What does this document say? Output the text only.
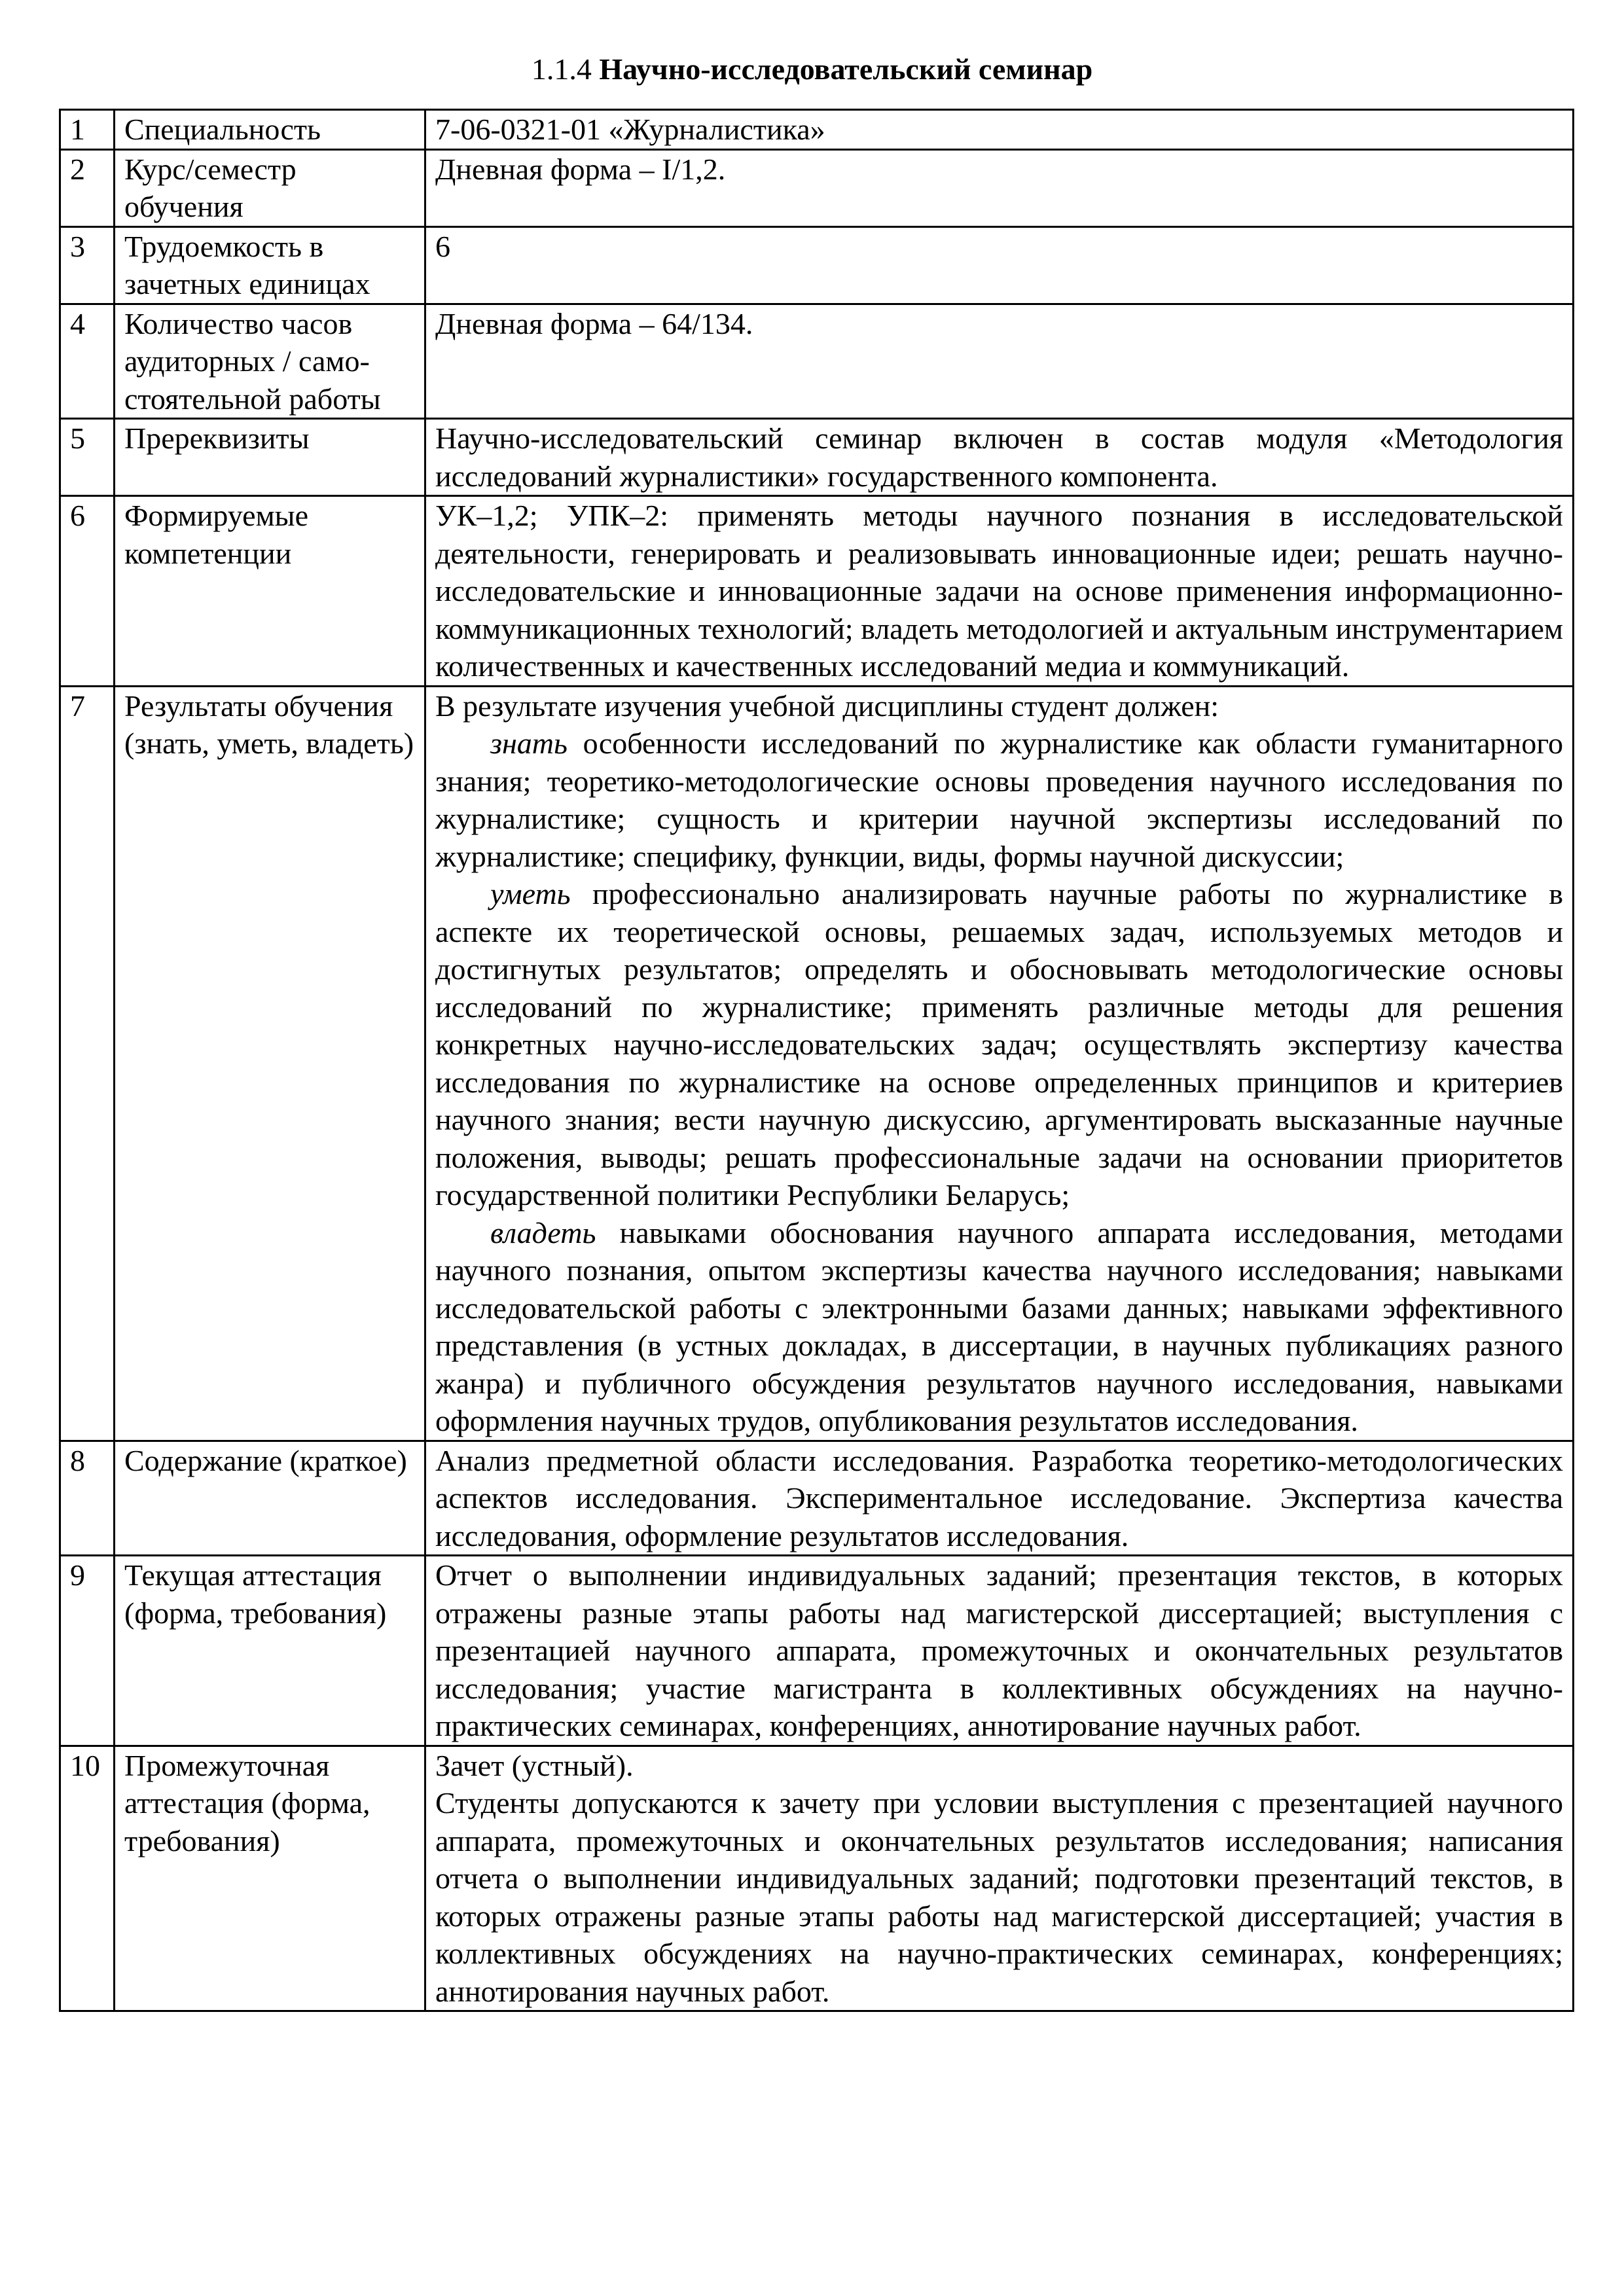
1.1.4 Научно-исследовательский семинар
1	Специальность	7-06-0321-01 «Журналистика»

2	Курс/семестр обучения	Дневная форма – I/1,2.

3	Трудоемкость в зачетных единицах	6

4	Количество часов аудиторных / само-стоятельной работы	Дневная форма – 64/134.

5	Пререквизиты	Научно-исследовательский семинар включен в состав модуля «Методология исследований журналистики» государственного компонента.

6	Формируемые компетенции	УК–1,2; УПК–2: применять методы научного познания в исследовательской деятельности, генерировать и реализовывать инновационные идеи; решать научно-исследовательские и инновационные задачи на основе применения информационно-коммуникационных технологий; владеть методологией и актуальным инструментарием количественных и качественных исследований медиа и коммуникаций.

7	Результаты обучения (знать, уметь, владеть)	В результате изучения учебной дисциплины студент должен:

знать особенности исследований по журналистике как области гуманитарного знания; теоретико-методологические основы проведения научного исследования по журналистике; сущность и критерии научной экспертизы исследований по журналистике; специфику, функции, виды, формы научной дискуссии;

уметь профессионально анализировать научные работы по журналистике в аспекте их теоретической основы, решаемых задач, используемых методов и достигнутых результатов; определять и обосновывать методологические основы исследований по журналистике; применять различные методы для решения конкретных научно-исследовательских задач; осуществлять экспертизу качества исследования по журналистике на основе определенных принципов и критериев научного знания; вести научную дискуссию, аргументировать высказанные научные положения, выводы; решать профессиональные задачи на основании приоритетов государственной политики Республики Беларусь;

владеть навыками обоснования научного аппарата исследования, методами научного познания, опытом экспертизы качества научного исследования; навыками исследовательской работы с электронными базами данных; навыками эффективного представления (в устных докладах, в диссертации, в научных публикациях разного жанра) и публичного обсуждения результатов научного исследования, навыками оформления научных трудов, опубликования результатов исследования.

8	Содержание (краткое)	Анализ предметной области исследования. Разработка теоретико-методологических аспектов исследования. Экспериментальное исследование. Экспертиза качества исследования, оформление результатов исследования.

9	Текущая аттестация (форма, требования)	Отчет о выполнении индивидуальных заданий; презентация текстов, в которых отражены разные этапы работы над магистерской диссертацией; выступления с презентацией научного аппарата, промежуточных и окончательных результатов исследования; участие магистранта в коллективных обсуждениях на научно-практических семинарах, конференциях, аннотирование научных работ.

10	Промежуточная аттестация (форма, требования)	Зачет (устный).

Студенты допускаются к зачету при условии выступления с презентацией научного аппарата, промежуточных и окончательных результатов исследования; написания отчета о выполнении индивидуальных заданий; подготовки презентаций текстов, в которых отражены разные этапы работы над магистерской диссертацией; участия в коллективных обсуждениях на научно-практических семинарах, конференциях; аннотирования научных работ.
